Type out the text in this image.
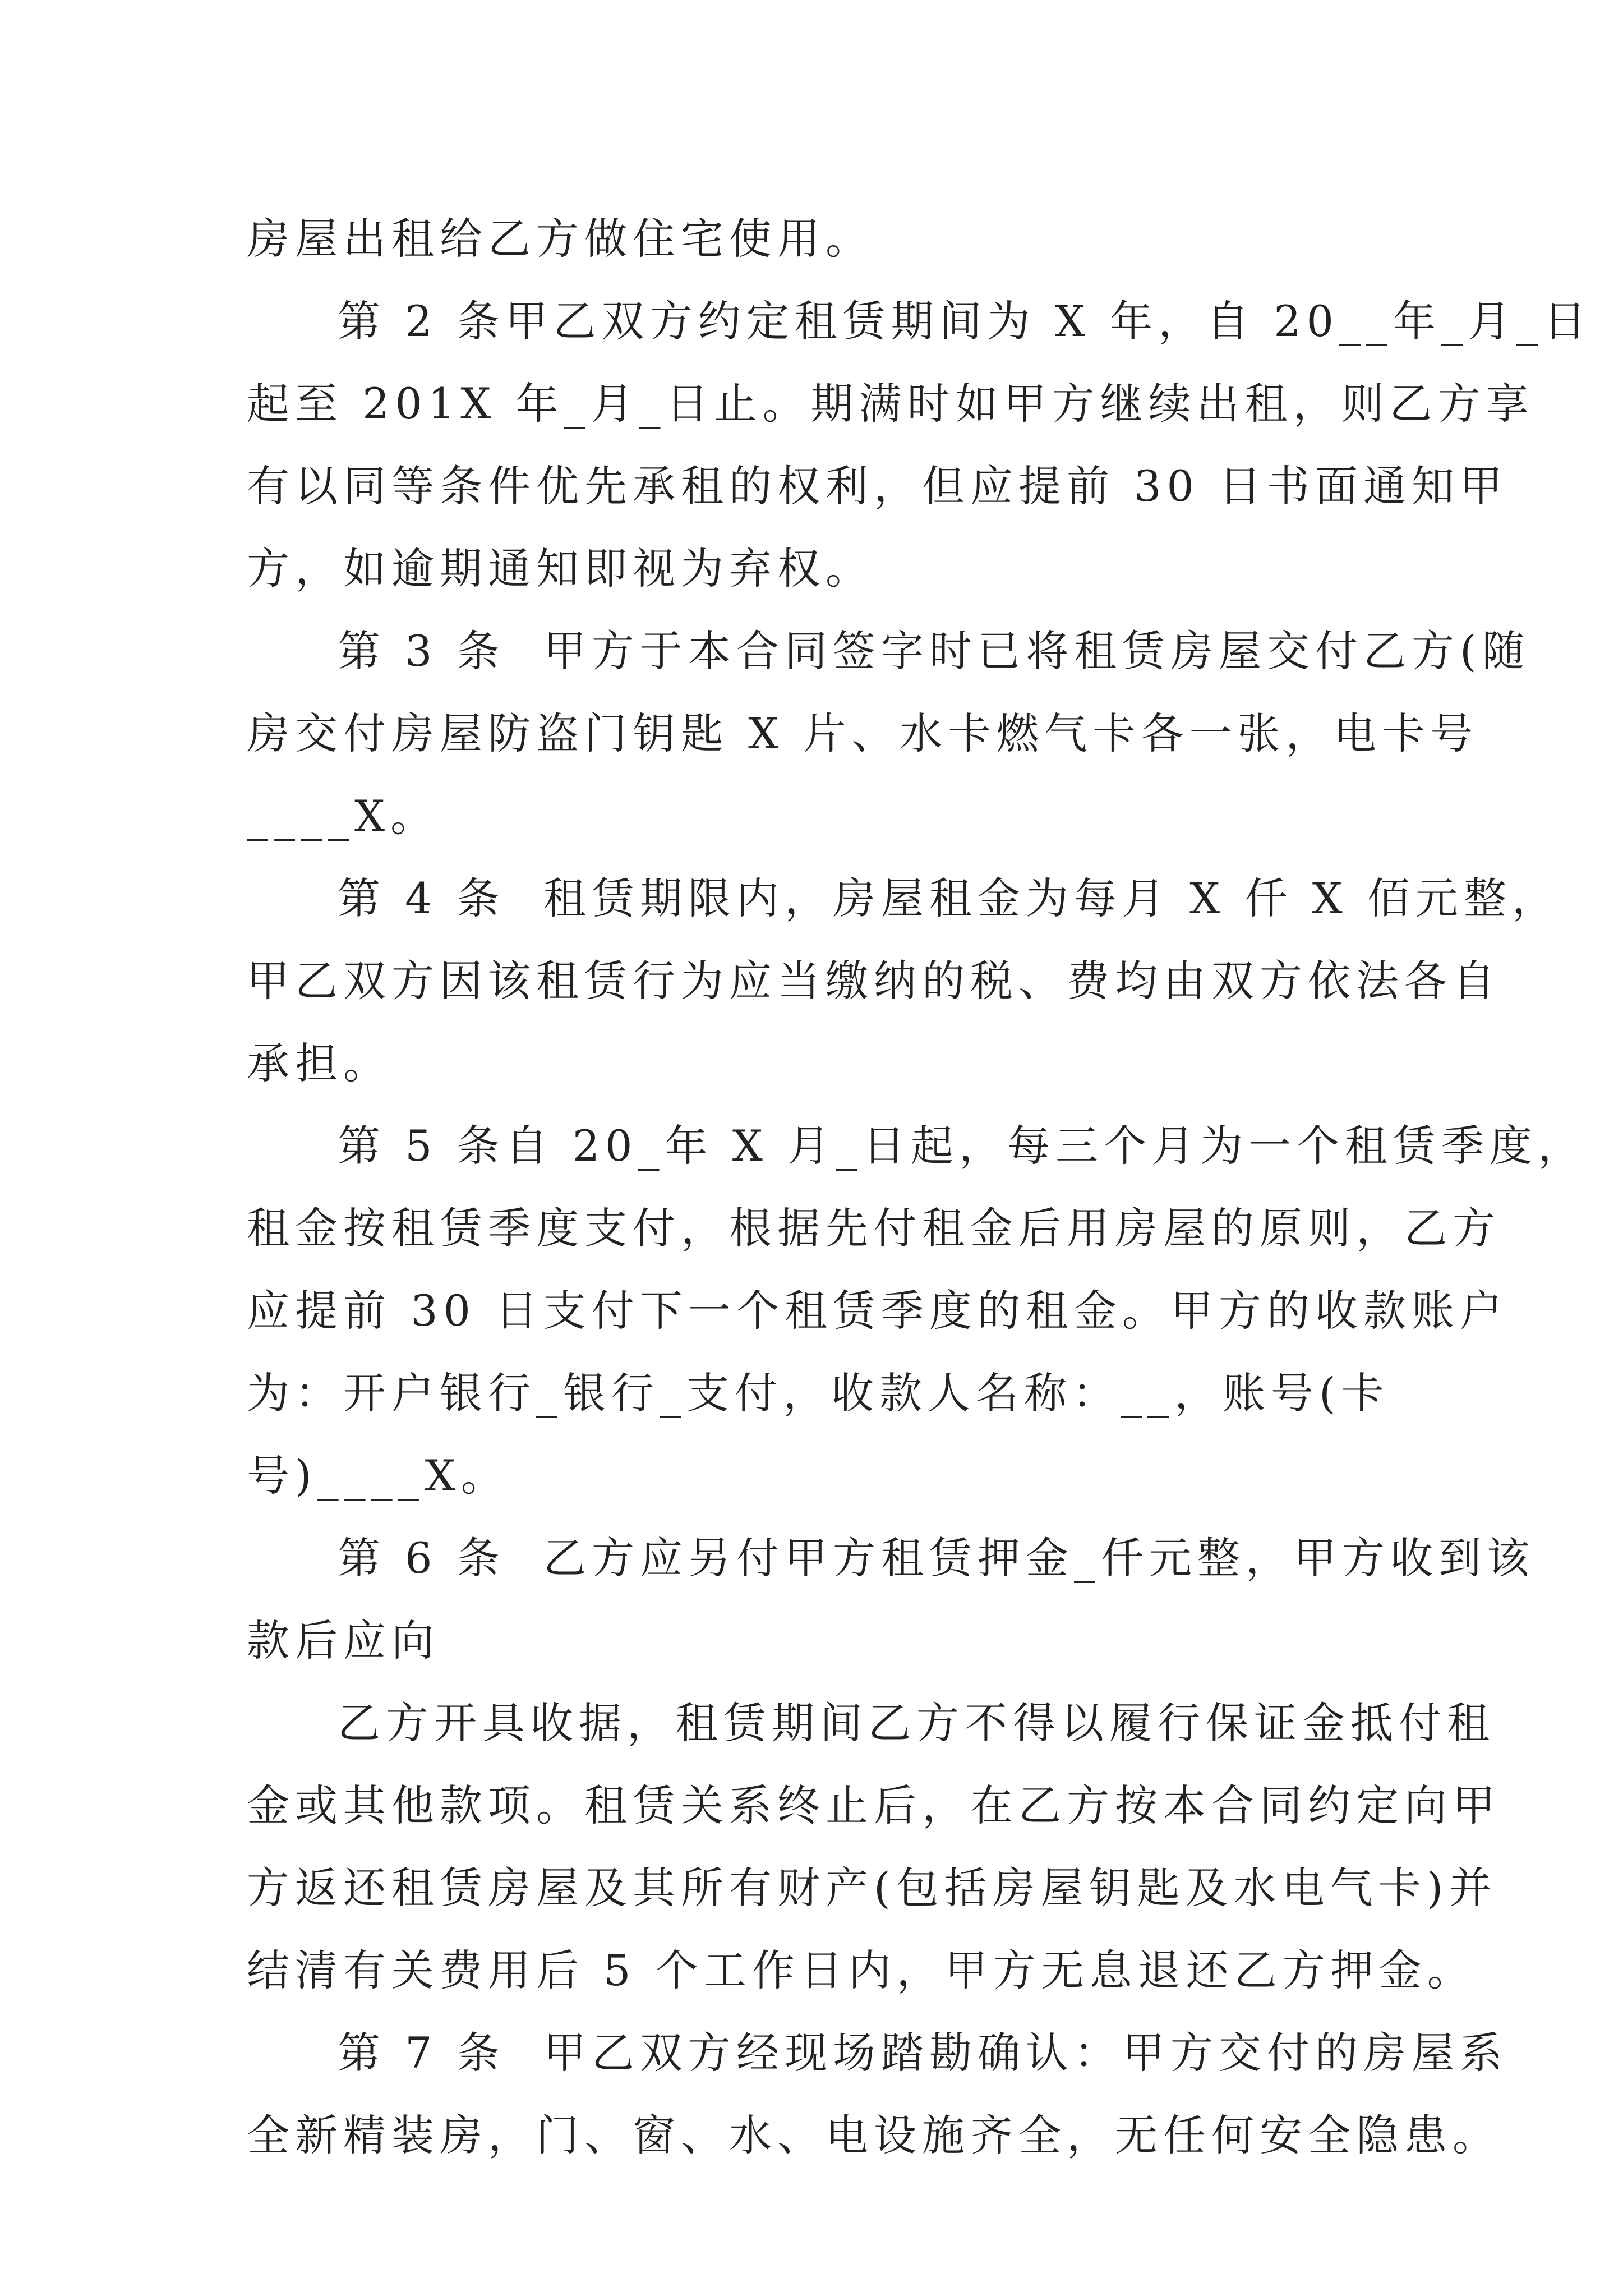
房屋出租给乙方做住宅使用。
第 2 条甲乙双方约定租赁期间为 X 年，自 20__年_月_日
起至 201X 年_月_日止。期满时如甲方继续出租，则乙方享
有以同等条件优先承租的权利，但应提前 30 日书面通知甲
方，如逾期通知即视为弃权。
第 3 条  甲方于本合同签字时已将租赁房屋交付乙方(随
房交付房屋防盗门钥匙 X 片、水卡燃气卡各一张，电卡号
____X。
第 4 条  租赁期限内，房屋租金为每月 X 仟 X 佰元整，
甲乙双方因该租赁行为应当缴纳的税、费均由双方依法各自
承担。
第 5 条自 20_年 X 月_日起，每三个月为一个租赁季度，
租金按租赁季度支付，根据先付租金后用房屋的原则，乙方
应提前 30 日支付下一个租赁季度的租金。甲方的收款账户
为：开户银行_银行_支付，收款人名称：__，账号(卡
号)____X。
第 6 条  乙方应另付甲方租赁押金_仟元整，甲方收到该
款后应向
乙方开具收据，租赁期间乙方不得以履行保证金抵付租
金或其他款项。租赁关系终止后，在乙方按本合同约定向甲
方返还租赁房屋及其所有财产(包括房屋钥匙及水电气卡)并
结清有关费用后 5 个工作日内，甲方无息退还乙方押金。
第 7 条  甲乙双方经现场踏勘确认：甲方交付的房屋系
全新精装房，门、窗、水、电设施齐全，无任何安全隐患。
